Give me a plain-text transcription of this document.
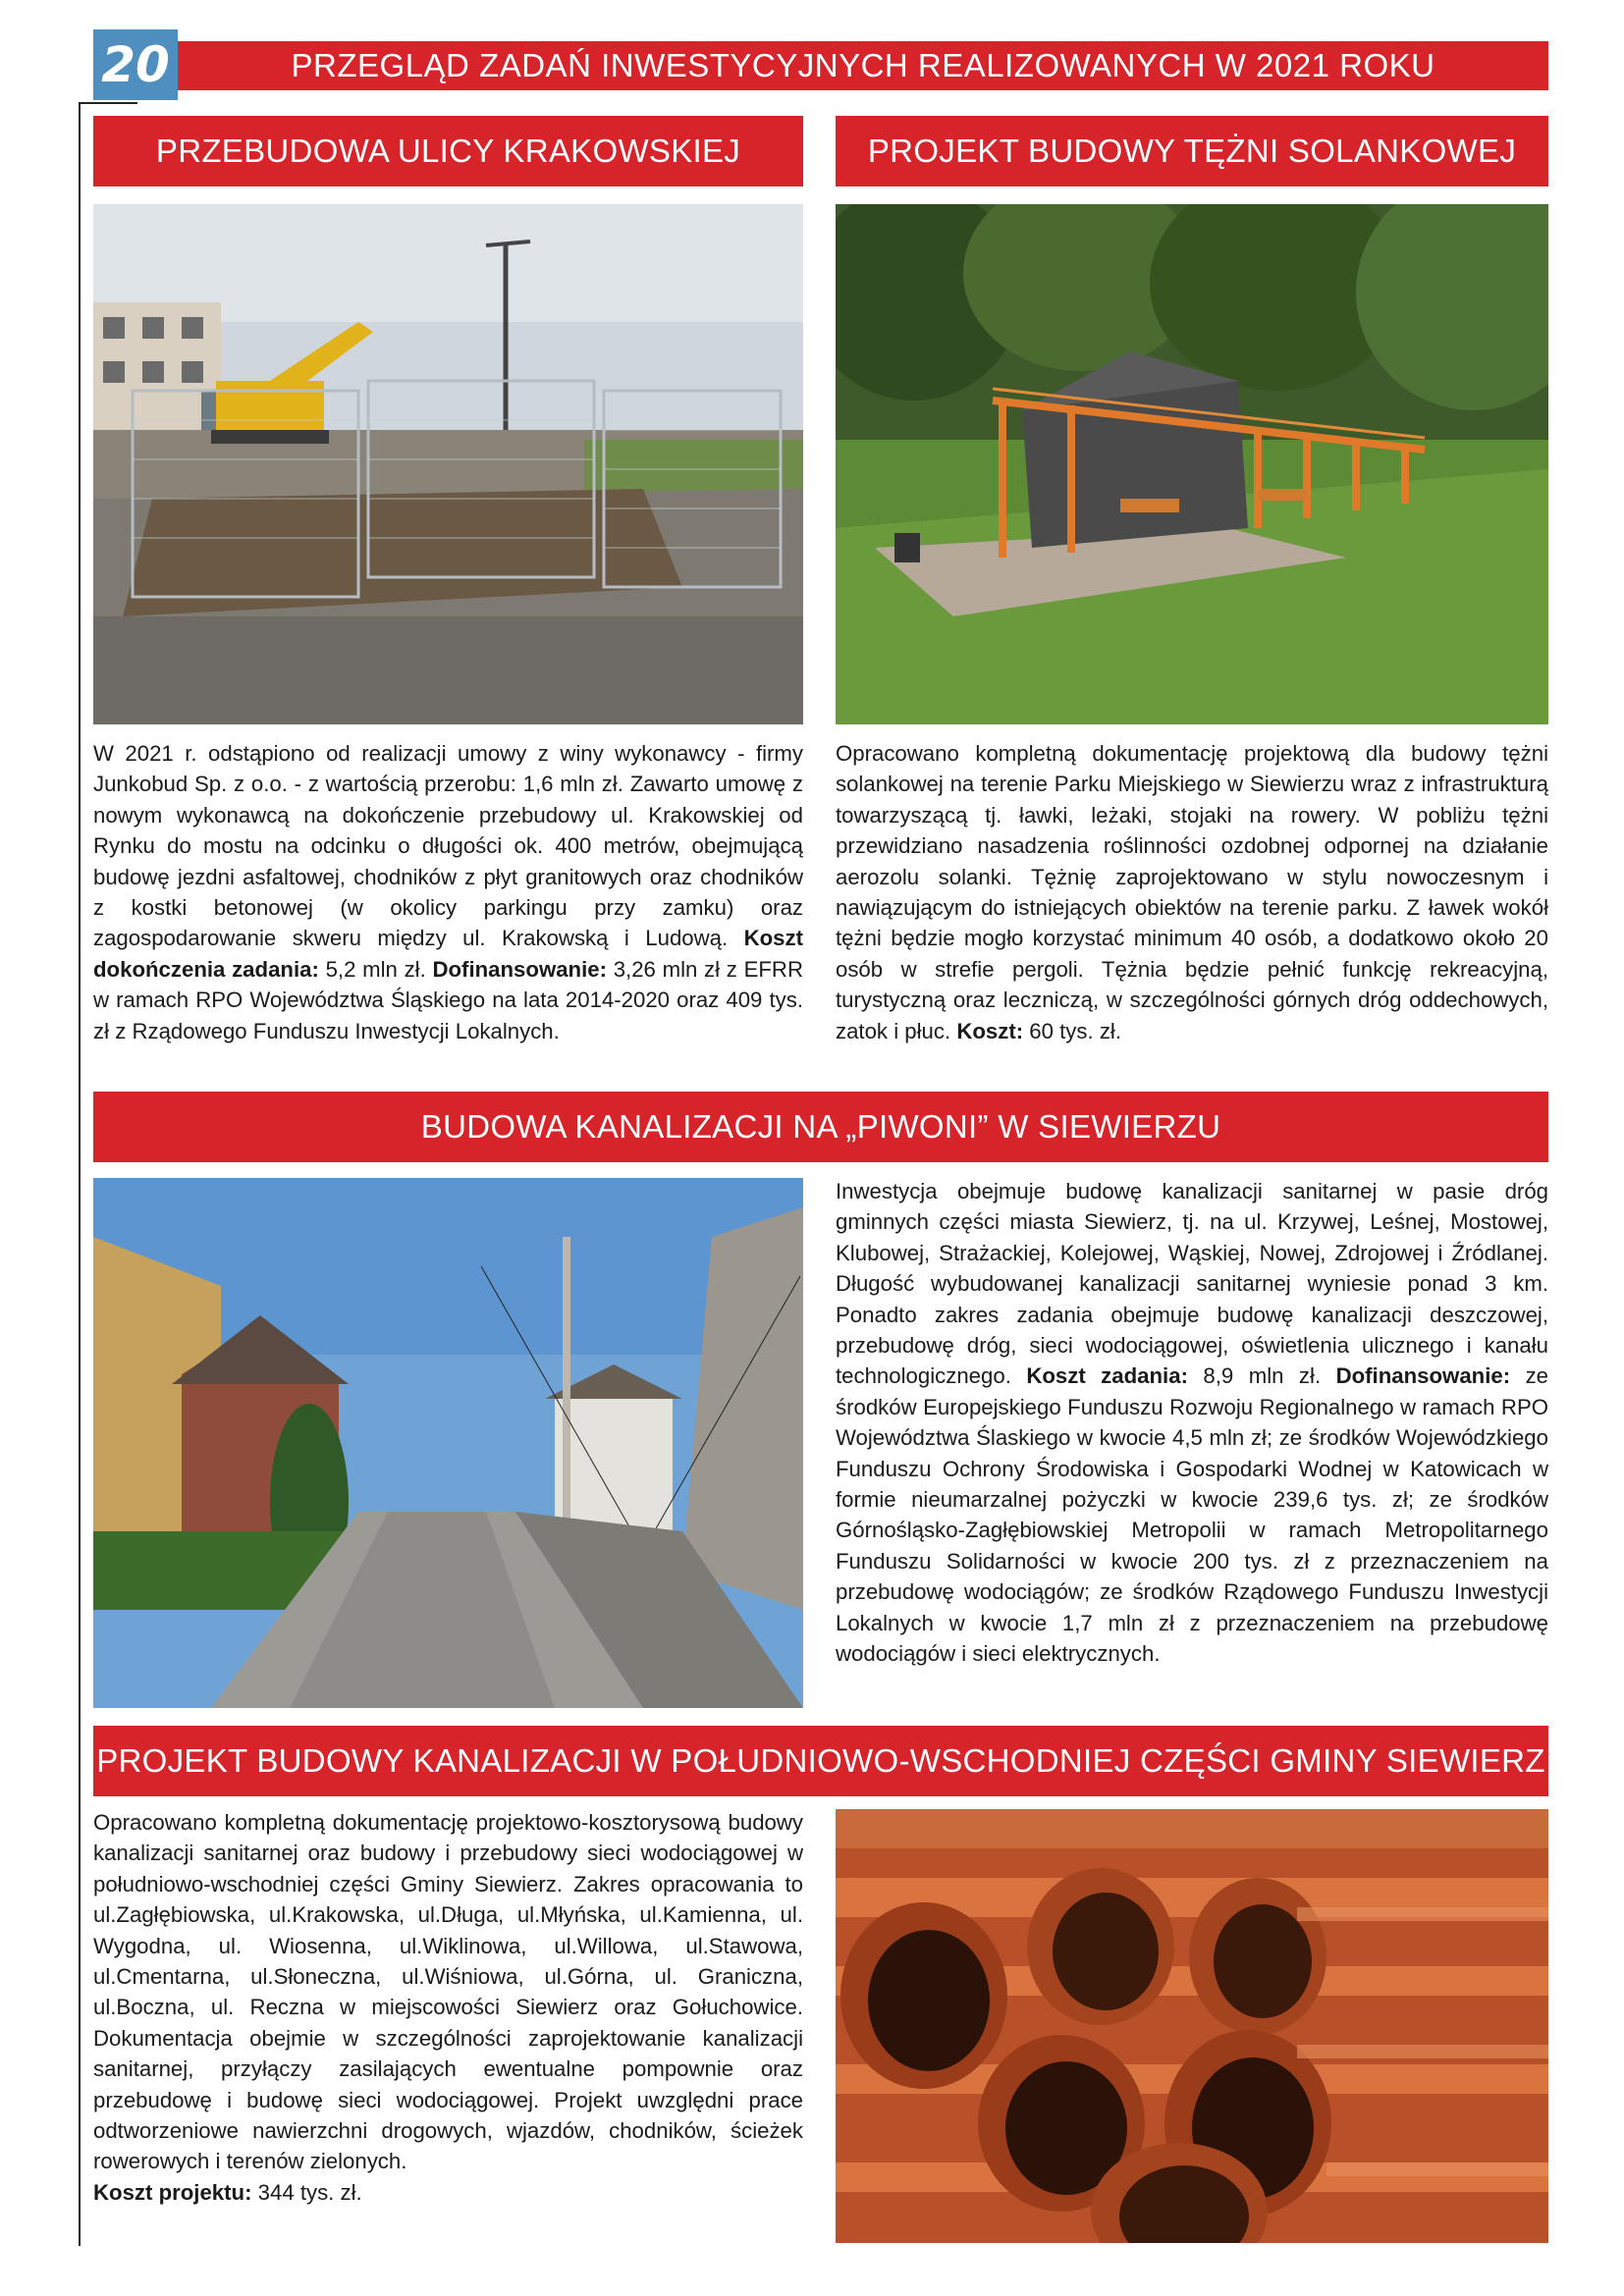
20	PRZEGLĄD ZADAŃ INWESTYCYJNYCH REALIZOWANYCH W 2021 ROKU
PRZEBUDOWA ULICY KRAKOWSKIEJ

W 2021 r. odstąpiono od realizacji umowy z winy wykonawcy - firmy Junkobud Sp. z o.o. - z wartością przerobu: 1,6 mln zł. Zawarto umowę z nowym wykonawcą na dokończenie przebudowy ul. Krakowskiej od Rynku do mostu na odcinku o długości ok. 400 metrów, obejmującą budowę jezdni asfaltowej, chodników z płyt granitowych oraz chodników z kostki betonowej (w okolicy parkingu przy zamku) oraz zagospodarowanie skweru między ul. Krakowską i Ludową. Koszt dokończenia zadania: 5,2 mln zł. Dofinansowanie: 3,26 mln zł z EFRR w ramach RPO Województwa Śląskiego na lata 2014-2020 oraz 409 tys. zł z Rządowego Funduszu Inwestycji Lokalnych.

PROJEKT BUDOWY TĘŻNI SOLANKOWEJ

Opracowano kompletną dokumentację projektową dla budowy tężni solankowej na terenie Parku Miejskiego w Siewierzu wraz z infrastrukturą towarzyszącą tj. ławki, leżaki, stojaki na rowery. W pobliżu tężni przewidziano nasadzenia roślinności ozdobnej odpornej na działanie aerozolu solanki. Tężnię zaprojektowano w stylu nowoczesnym i nawiązującym do istniejących obiektów na terenie parku. Z ławek wokół tężni będzie mogło korzystać minimum 40 osób, a dodatkowo około 20 osób w strefie pergoli. Tężnia będzie pełnić funkcję rekreacyjną, turystyczną oraz leczniczą, w szczególności górnych dróg oddechowych, zatok i płuc. Koszt: 60 tys. zł.

BUDOWA KANALIZACJI NA „PIWONI” W SIEWIERZU

Inwestycja obejmuje budowę kanalizacji sanitarnej w pasie dróg gminnych części miasta Siewierz, tj. na ul. Krzywej, Leśnej, Mostowej, Klubowej, Strażackiej, Kolejowej, Wąskiej, Nowej, Zdrojowej i Źródlanej. Długość wybudowanej kanalizacji sanitarnej wyniesie ponad 3 km. Ponadto zakres zadania obejmuje budowę kanalizacji deszczowej, przebudowę dróg, sieci wodociągowej, oświetlenia ulicznego i kanału technologicznego. Koszt zadania: 8,9 mln zł. Dofinansowanie: ze środków Europejskiego Funduszu Rozwoju Regionalnego w ramach RPO Województwa Ślaskiego w kwocie 4,5 mln zł; ze środków Wojewódzkiego Funduszu Ochrony Środowiska i Gospodarki Wodnej w Katowicach w formie nieumarzalnej pożyczki w kwocie 239,6 tys. zł; ze środków Górnośląsko-Zagłębiowskiej Metropolii w ramach Metropolitarnego Funduszu Solidarności w kwocie 200 tys. zł z przeznaczeniem na przebudowę wodociągów; ze środków Rządowego Funduszu Inwestycji Lokalnych w kwocie 1,7 mln zł z przeznaczeniem na przebudowę wodociągów i sieci elektrycznych.

PROJEKT BUDOWY KANALIZACJI W POŁUDNIOWO-WSCHODNIEJ CZĘŚCI GMINY SIEWIERZ

Opracowano kompletną dokumentację projektowo-kosztorysową budowy kanalizacji sanitarnej oraz budowy i przebudowy sieci wodociągowej w południowo-wschodniej części Gminy Siewierz. Zakres opracowania to ul.Zagłębiowska, ul.Krakowska, ul.Długa, ul.Młyńska, ul.Kamienna, ul. Wygodna, ul. Wiosenna, ul.Wiklinowa, ul.Willowa, ul.Stawowa, ul.Cmentarna, ul.Słoneczna, ul.Wiśniowa, ul.Górna, ul. Graniczna, ul.Boczna, ul. Reczna w miejscowości Siewierz oraz Gołuchowice. Dokumentacja obejmie w szczególności zaprojektowanie kanalizacji sanitarnej, przyłączy zasilających ewentualne pompownie oraz przebudowę i budowę sieci wodociągowej. Projekt uwzględni prace odtworzeniowe nawierzchni drogowych, wjazdów, chodników, ścieżek rowerowych i terenów zielonych.
Koszt projektu: 344 tys. zł.
